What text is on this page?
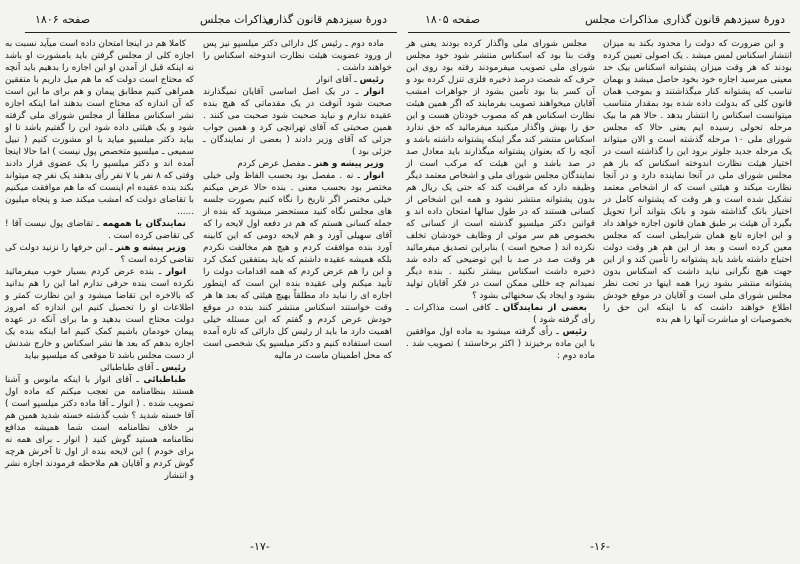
صفحه ۱۸۰۶	مذاکرات مجلس
دورهٔ سیزدهم قانون گذاری	صفحه ۱۸۰۵	مذاکرات مجلس دورهٔ سیزدهم قانون گذاری

کاملا هم در اینجا امتحان داده است میآید نسبت به اجازه کلی از مجلس گرفتن باید بامشورت او باشد نه اینکه قبل از آمدن او این اجازه را بدهیم باید آنچه که محتاج است دولت که ما هم میل داریم با متفقین همراهی کنیم مطابق پیمان و هم برای ما این است که آن اندازه که محتاج است بدهند اما اینکه اجازه نشر اسکناس مطلقاً از مجلس شورای ملی گرفته شود و یک هیئتی داده شود این را گفتیم باشد تا او بیاید دکتر میلسپو میاید با او مشورت کنیم ( نبیل سمیعی ـ میلسپو متخصص پول نیست ) اما حالا اینجا آمده اند و دکتر میلسپو را یک عضوی قرار دادند وقتی که ۸ نفر یا ۷ نفر رأی بدهند یک نفر چه میتواند بکند بنده عقیده ام اینست که ما هم موافقت میکنیم با تقاضای دولت که امشب میکند صد و پنجاه میلیون ......

نمایندگان با همهمه ـ تقاضای پول نیست آقا ! کی تقاضی کرده است .

وزیر پیشه و هنر ـ این حرفها را نزنید دولت کی تقاضی کرده است ؟

انوار ـ بنده عرض کردم بسیار خوب میفرمائید نکرده است بنده حرفی ندارم اما این را هم بدانید که بالاخره این تقاضا میشود و این نظارت کمتر و اطلاعات او را تحصیل کنیم این اندازه که امروز دولت محتاج است بدهید و ما برای آنکه در عهده پیمان خودمان باشیم کمک کنیم اما اینکه بنده یک اجازه بدهم که بعد ها نشر اسکناس و خارج شدنش از دست مجلس باشد تا موقعی که میلسپو بیاید

رئیس ـ آقای طباطبائی

طباطبائی ـ آقای انوار با اینکه مانوس و آشنا هستند بنظامنامه من تعجب میکنم که ماده اول تصویب شده . ( انوار ـ آقا ماده دکتر میلسپو است ) آقا خسته شدید ؟ شب گذشته خسته شدید همین هم بر خلاف نظامنامه است شما همیشه مدافع نظامنامه هستید گوش کنید ( انوار ـ برای همه نه برای خودم ) این لایحه بنده از اول تا آخرش هرچه گوش کردم و آقایان هم ملاحظه فرمودند اجازه نشر و انتشار

ماده دوم ـ رئیس کل دارائی دکتر میلسپو نیز پس از ورود عضویت هیئت نظارت اندوخته اسکناس را خواهند داشت .

رئیس ـ آقای انوار

انوار ـ در یک اصل اساسی آقایان نمیگذارند صحبت شود آنوقت در یک مقدماتی که هیچ بنده عقیده ندارم و نباید صحبت شود صحبت می کنند . همین صحبتی که آقای تهرانچی کرد و همین جواب جزئی که آقای وزیر دادند ( بعضی از نمایندگان ـ جزئی بود )

وزیر پیشه و هنر ـ مفصل عرض کردم

انوار ـ نه . مفصل بود بحسب الفاظ ولی خیلی مختصر بود بحسب معنی . بنده حالا عرض میکنم خیلی مختصر اگر تاریخ را نگاه کنیم بصورت جلسه های مجلس نگاه کنید مستحضر میشوید که بنده از جمله کسانی هستم که هم در دفعه اول لایحه را که آقای سهیلی آورد و هم لایحه دومی که این کابینه آورد بنده موافقت کردم و هیچ هم مخالفت نکردم بلکه همیشه عقیده داشتم که باید بمتفقین کمک کرد و این را هم عرض کردم که همه اقدامات دولت را تأیید میکنم ولی عقیده بنده این است که اینطور اجازه ای را نباید داد مطلقاً بهیچ هیئتی که بعد ها هر وقت خواستند اسکناس منتشر کنند بنده در موقع خودش عرض کردم و گفتم که این مسئله خیلی اهمیت دارد ما باید از رئیس کل دارائی که تازه آمده است استفاده کنیم و دکتر میلسپو یک شخصی است که محل اطمینان ماست در مالیه

مجلس شورای ملی واگذار کرده بودند یعنی هر وقت بنا بود که اسکناس منتشر شود خود مجلس شورای ملی تصویب میفرمودند رفته بود روی این حرف که شصت درصد ذخیره فلزی تنزل کرده بود و آن کسر بنا بود تأمین بشود از جواهرات امشب آقایان میخواهند تصویب بفرمایند که اگر همین هیئت نظارت اسکناس هم که مصوب خودتان هست و این حق را بهش واگذار میکنید میفرمائید که حق ندارد اسکناس منتشر کند مگر اینکه پشتوانه داشته باشد و آنچه را که بعنوان پشتوانه میگذارند باید معادل صد در صد باشد و این هیئت که مرکب است از نمایندگان مجلس شورای ملی و اشخاص معتمد دیگر وظیفه دارد که مراقبت کند که حتی یک ریال هم بدون پشتوانه منتشر نشود و همه این اشخاص از کسانی هستند که در طول سالها امتحان داده اند و قوانین دکتر میلسپو گذشته است از کسانی که بخصوص هم سر موئی از وظایف خودشان تخلف نکرده اند ( صحیح است ) بنابراین تصدیق میفرمائید هر وقت صد در صد با این توضیحی که داده شد ذخیره داشت اسکناس بیشتر نکنید . بنده دیگر نمیدانم چه خللی ممکن است در فکر آقایان تولید بشود و ایجاد یک سخنهائی بشود ؟

بعضی از نمایندگان ـ کافی است مذاکرات ـ رأی گرفته شود )

رئیس ـ رأی گرفته میشود به ماده اول موافقین با این ماده برخیزند ( اکثر برخاستند ) تصویب شد . ماده دوم :

و این ضرورت که دولت را محدود بکند به میزان انتشار اسکناس لمس میشد . یک اصولی تعیین کرده بودند که هر وقت میزان پشتوانه اسکناس بیک حد معینی میرسید اجازه خود بخود حاصل میشد و بهمان تناسب که پشتوانه کنار میگذاشتند و بموجب همان قانون کلی که بدولت داده شده بود بمقدار متناسب میتوانست اسکناس را انتشار بدهد . حالا هم ما بیک مرحله تحولی رسیده ایم یعنی حالا که مجلس شورای ملی ۱۰ مرحله گذشته است و الان میتواند یک مرحله جدید جلوتر برود این را گذاشته است در اختیار هیئت نظارت اندوخته اسکناس که باز هم مجلس شورای ملی در آنجا نماینده دارد و در آنجا نظارت میکند و هیئتی است که از اشخاص معتمد تشکیل شده است و هر وقت که پشتوانه کامل در اختیار بانک گذاشته شود و بانک بتواند آنرا تحویل بگیرد آن هیئت بر طبق همان قانون اجازه خواهد داد و این اجازه تابع همان شرایطی است که مجلس معین کرده است و بعد از این هم هر وقت دولت احتیاج داشته باشد باید پشتوانه را تأمین کند و از این جهت هیچ نگرانی نباید داشت که اسکناس بدون پشتوانه منتشر بشود زیرا همه اینها در تحت نظر مجلس شورای ملی است و آقایان در موقع خودش اطلاع خواهند داشت که با اینکه این حق را بخصوصیات او مباشرت آنها را هم بده

-۱۷-	-۱۶-
